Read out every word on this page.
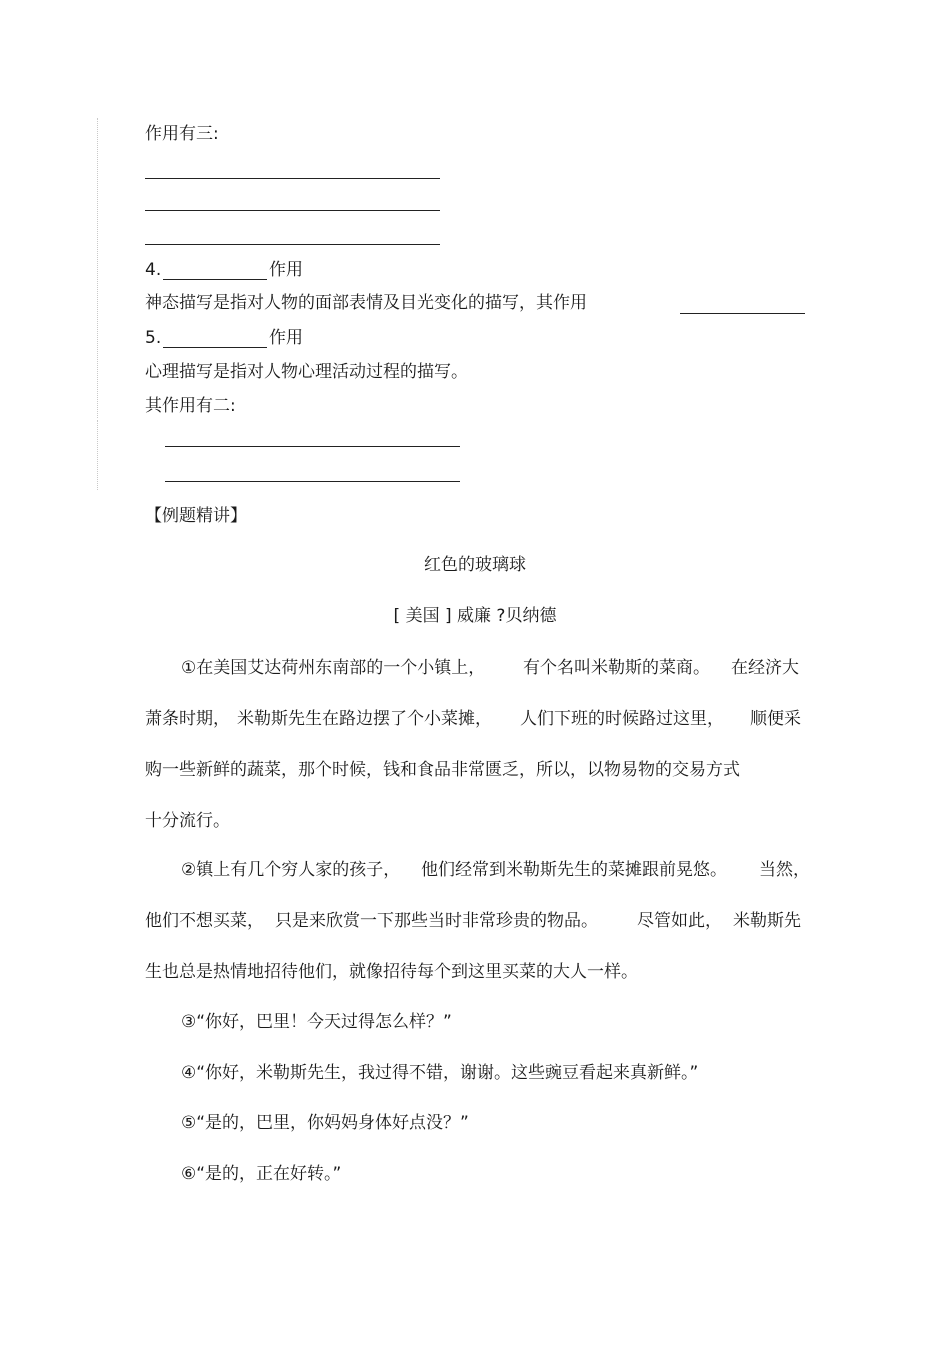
作用有三:
4.	作用
神态描写是指对人物的面部表情及目光变化的描写，其作用
5.	作用
心理描写是指对人物心理活动过程的描写。
其作用有二:
【例题精讲】
红色的玻璃球
[ 美国 ] 威廉 ?贝纳德
①在美国艾达荷州东南部的一个小镇上， 有个名叫米勒斯的菜商。 在经济大
萧条时期， 米勒斯先生在路边摆了个小菜摊， 人们下班的时候路过这里， 顺便采
购一些新鲜的蔬菜，那个时候，钱和食品非常匮乏，所以，以物易物的交易方式
十分流行。
②镇上有几个穷人家的孩子， 他们经常到米勒斯先生的菜摊跟前晃悠。 当然，
他们不想买菜， 只是来欣赏一下那些当时非常珍贵的物品。 尽管如此， 米勒斯先
生也总是热情地招待他们，就像招待每个到这里买菜的大人一样。
③“你好，巴里！今天过得怎么样？”
④“你好，米勒斯先生，我过得不错，谢谢。这些豌豆看起来真新鲜。”
⑤“是的，巴里，你妈妈身体好点没？”
⑥“是的，正在好转。”
